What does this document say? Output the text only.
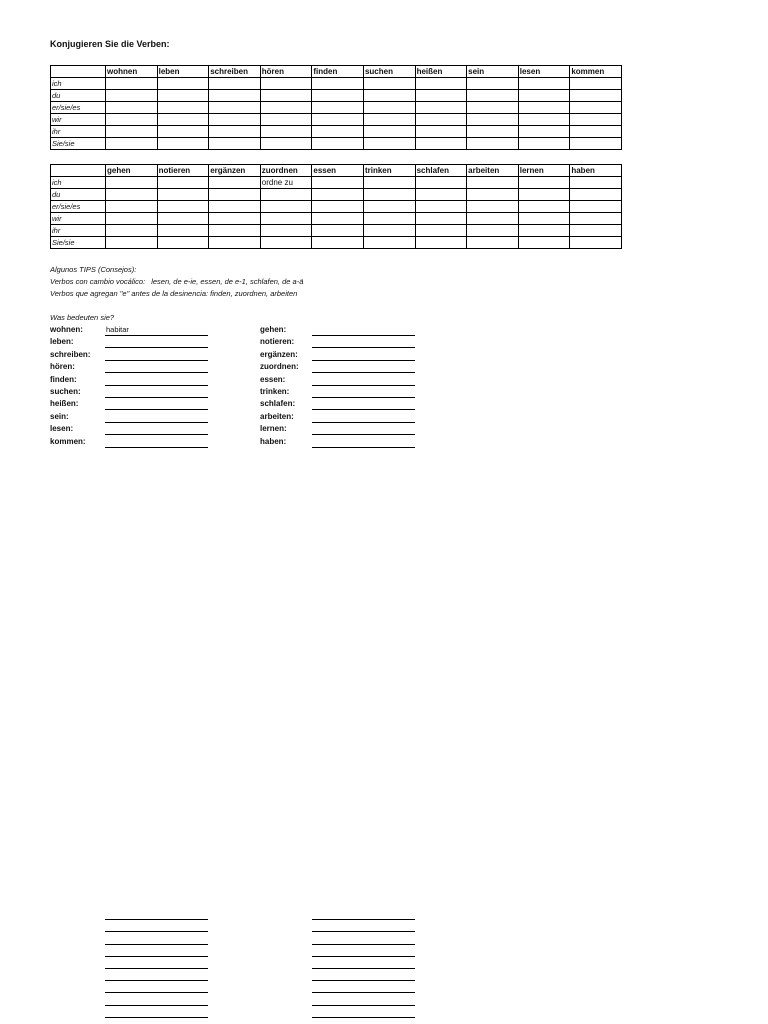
Konjugieren Sie die Verben:
	wohnen	leben	schreiben	hören	finden	suchen	heißen	sein	lesen	kommen
ich										
du										
er/sie/es										
wir										
ihr										
Sie/sie										
	gehen	notieren	ergänzen	zuordnen	essen	trinken	schlafen	arbeiten	lernen	haben
ich				ordne zu						
du										
er/sie/es										
wir										
ihr										
Sie/sie										
Algunos TIPS (Consejos):
Verbos con cambio vocálico: lesen, de e-ie, essen, de e-1, schlafen, de a-ä
Verbos que agregan "e" antes de la desinencia: finden, zuordnen, arbeiten
Was bedeuten sie?
wohnen:	habitar
leben:
schreiben:
hören:
finden:
suchen:
heißen:
sein:
lesen:
kommen:
gehen:
notieren:
ergänzen:
zuordnen:
essen:
trinken:
schlafen:
arbeiten:
lernen:
haben:
